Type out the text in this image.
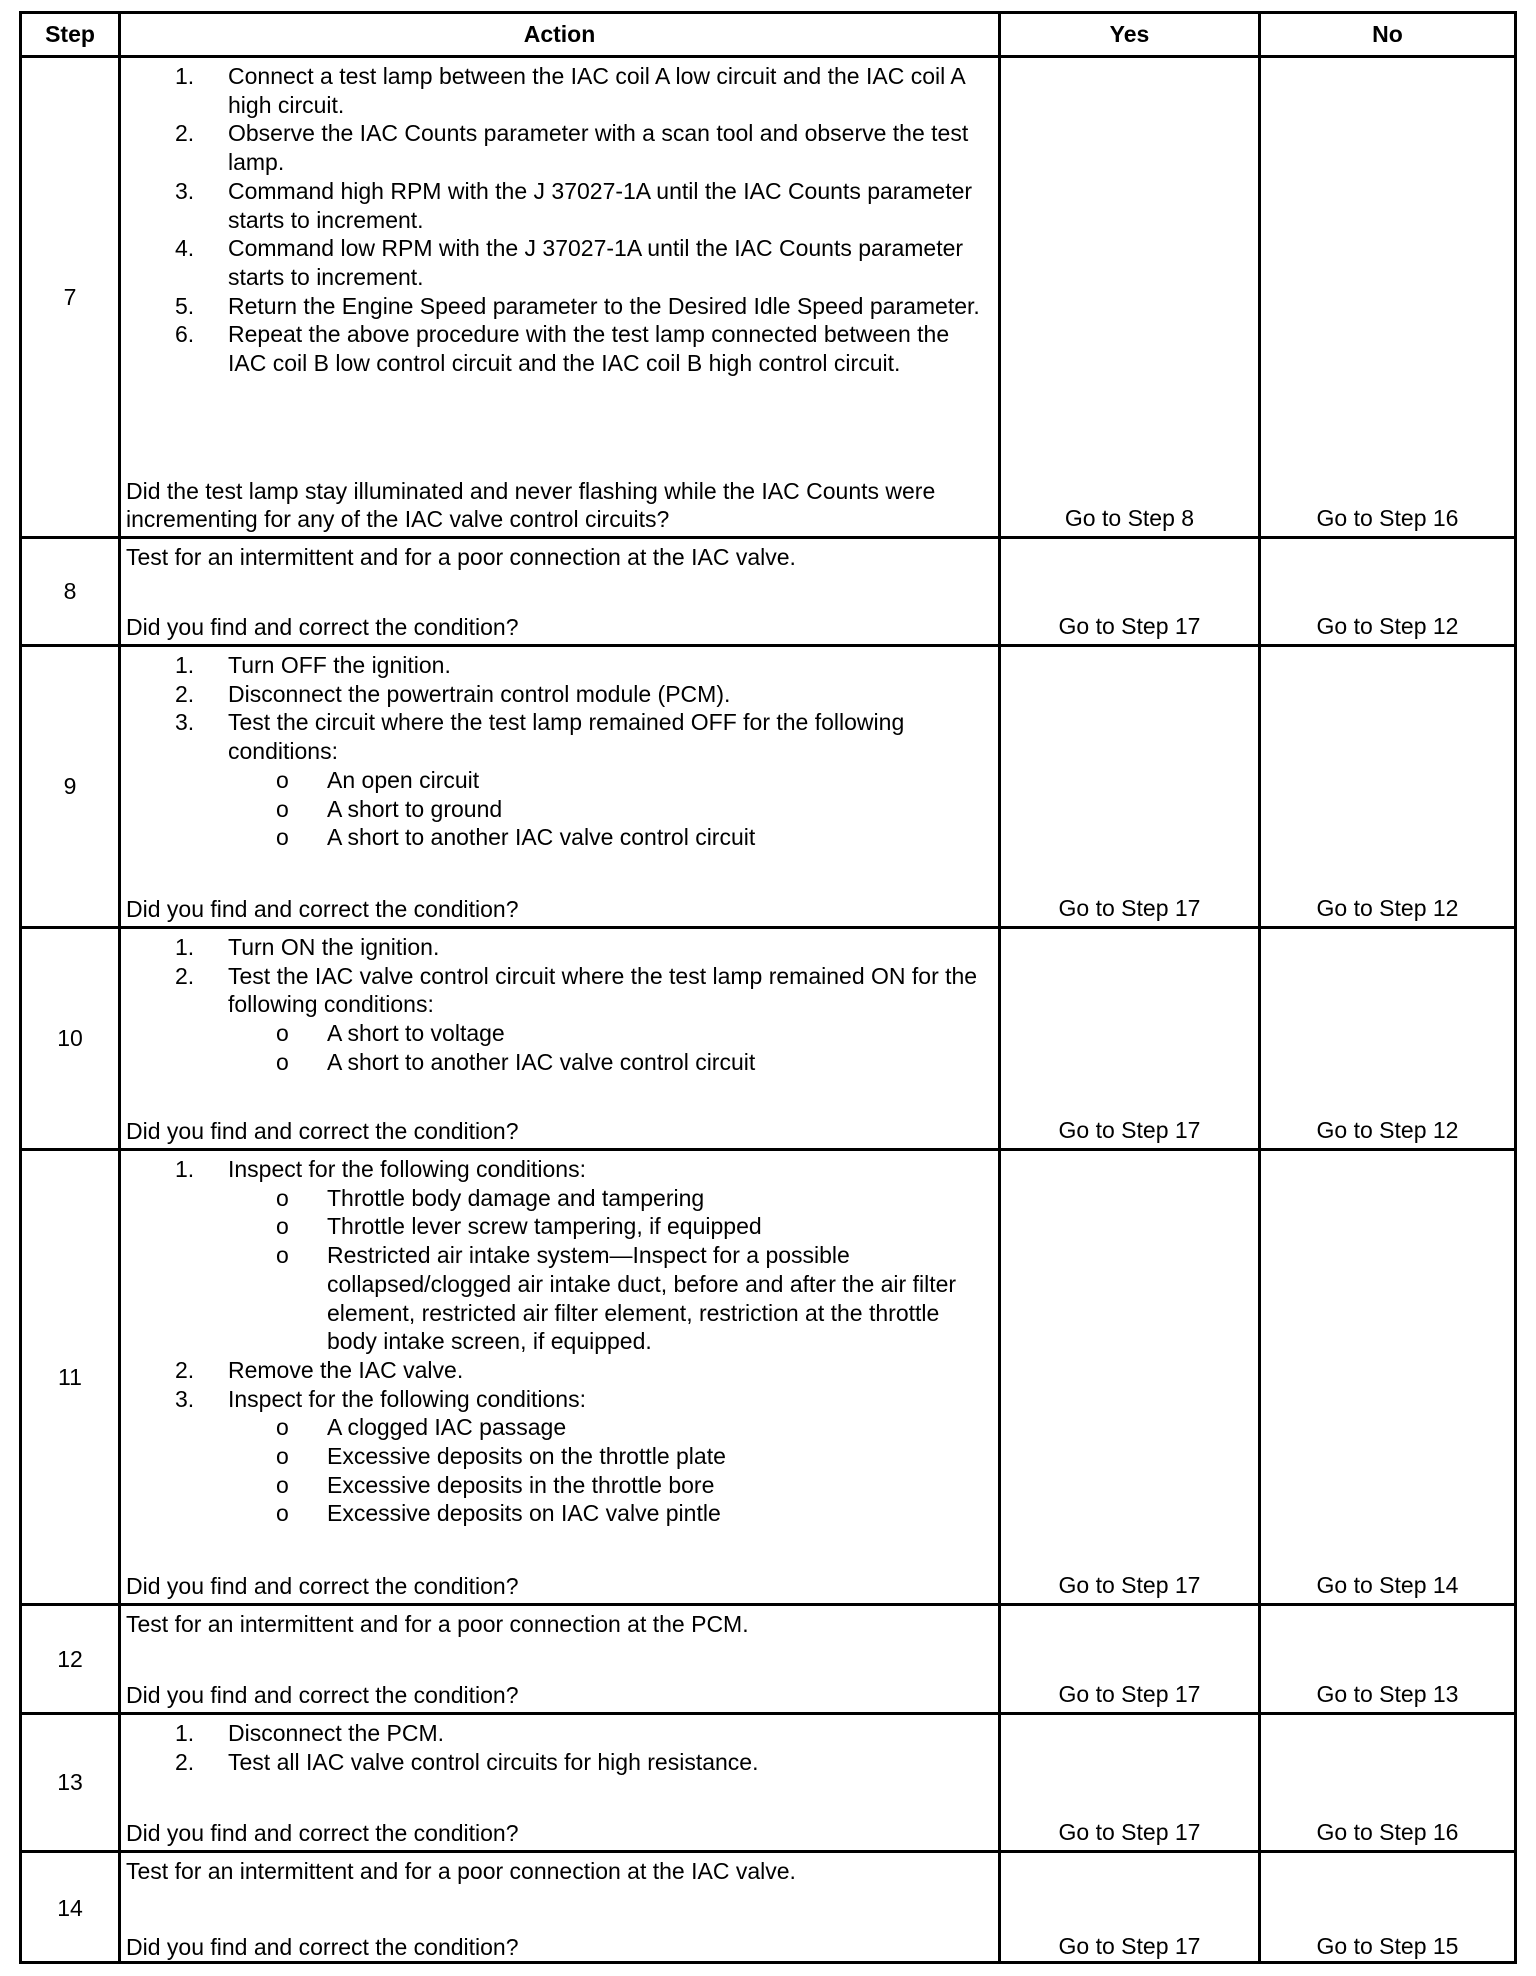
Step	Action	Yes	No
7
1.	Connect a test lamp between the IAC coil A low circuit and the IAC coil A high circuit.
2.	Observe the IAC Counts parameter with a scan tool and observe the test lamp.
3.	Command high RPM with the J 37027-1A until the IAC Counts parameter starts to increment.
4.	Command low RPM with the J 37027-1A until the IAC Counts parameter starts to increment.
5.	Return the Engine Speed parameter to the Desired Idle Speed parameter.
6.	Repeat the above procedure with the test lamp connected between the IAC coil B low control circuit and the IAC coil B high control circuit.
Did the test lamp stay illuminated and never flashing while the IAC Counts were incrementing for any of the IAC valve control circuits?	Go to Step 8	Go to Step 16
8
Test for an intermittent and for a poor connection at the IAC valve.
Did you find and correct the condition?	Go to Step 17	Go to Step 12
9
1.	Turn OFF the ignition.
2.	Disconnect the powertrain control module (PCM).
3.	Test the circuit where the test lamp remained OFF for the following conditions:
o An open circuit
o A short to ground
o A short to another IAC valve control circuit
Did you find and correct the condition?	Go to Step 17	Go to Step 12
10
1.	Turn ON the ignition.
2.	Test the IAC valve control circuit where the test lamp remained ON for the following conditions:
o A short to voltage
o A short to another IAC valve control circuit
Did you find and correct the condition?	Go to Step 17	Go to Step 12
11
1.	Inspect for the following conditions:
o Throttle body damage and tampering
o Throttle lever screw tampering, if equipped
o Restricted air intake system—Inspect for a possible collapsed/clogged air intake duct, before and after the air filter element, restricted air filter element, restriction at the throttle body intake screen, if equipped.
2.	Remove the IAC valve.
3.	Inspect for the following conditions:
o A clogged IAC passage
o Excessive deposits on the throttle plate
o Excessive deposits in the throttle bore
o Excessive deposits on IAC valve pintle
Did you find and correct the condition?	Go to Step 17	Go to Step 14
12
Test for an intermittent and for a poor connection at the PCM.
Did you find and correct the condition?	Go to Step 17	Go to Step 13
13
1.	Disconnect the PCM.
2.	Test all IAC valve control circuits for high resistance.
Did you find and correct the condition?	Go to Step 17	Go to Step 16
14
Test for an intermittent and for a poor connection at the IAC valve.
Did you find and correct the condition?	Go to Step 17	Go to Step 15
